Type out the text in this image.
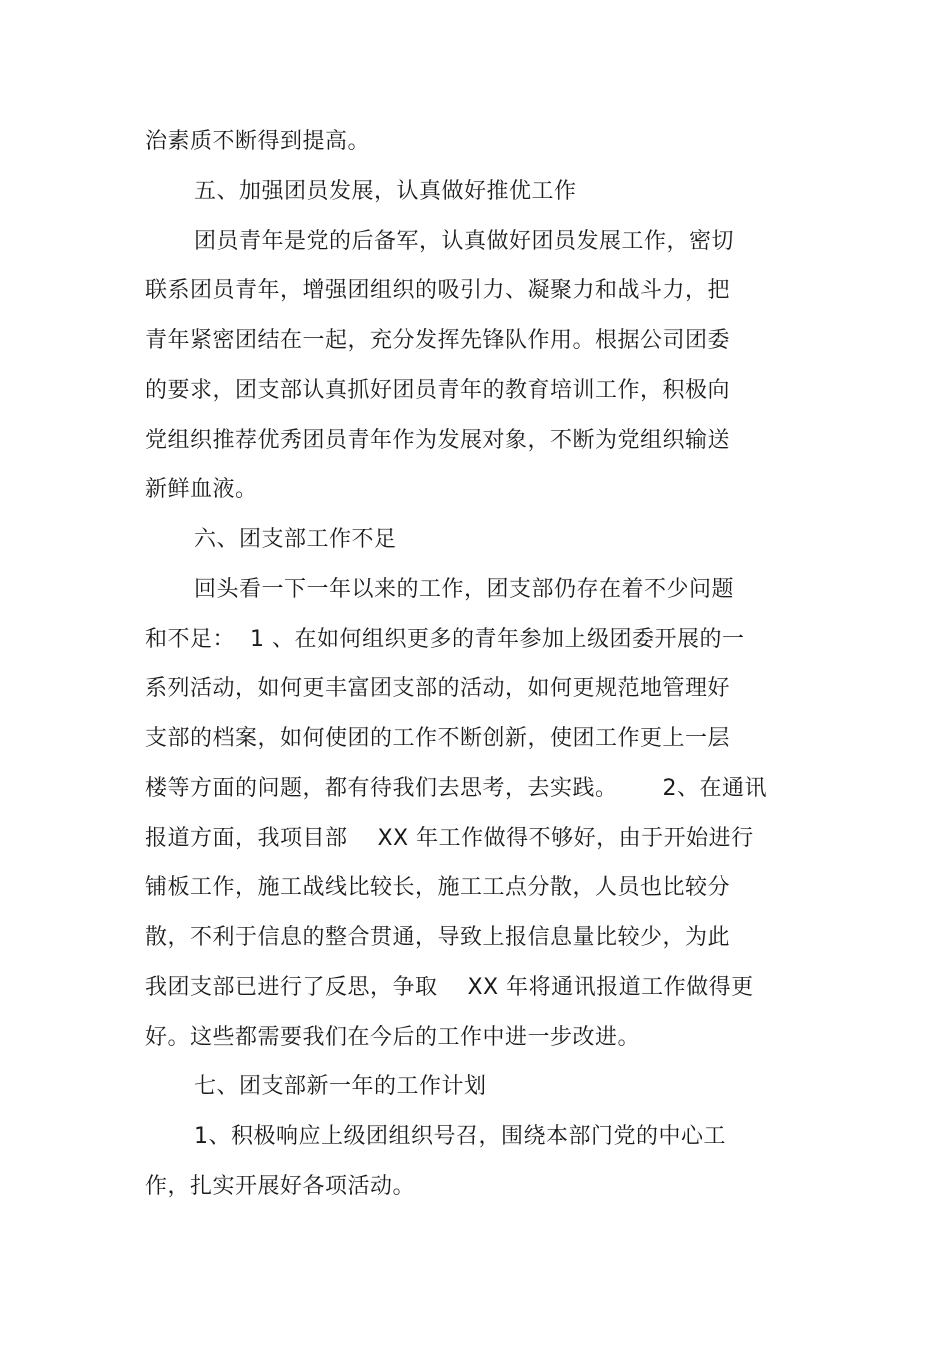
治素质不断得到提高。
五、加强团员发展，认真做好推优工作
团员青年是党的后备军，认真做好团员发展工作，密切
联系团员青年，增强团组织的吸引力、凝聚力和战斗力，把
青年紧密团结在一起，充分发挥先锋队作用。根据公司团委
的要求，团支部认真抓好团员青年的教育培训工作，积极向
党组织推荐优秀团员青年作为发展对象，不断为党组织输送
新鲜血液。
六、团支部工作不足
回头看一下一年以来的工作，团支部仍存在着不少问题
和不足：  1 、在如何组织更多的青年参加上级团委开展的一
系列活动，如何更丰富团支部的活动，如何更规范地管理好
支部的档案，如何使团的工作不断创新，使团工作更上一层
楼等方面的问题，都有待我们去思考，去实践。      2、在通讯
报道方面，我项目部    XX 年工作做得不够好，由于开始进行
铺板工作，施工战线比较长，施工工点分散，人员也比较分
散，不利于信息的整合贯通，导致上报信息量比较少，为此
我团支部已进行了反思，争取    XX 年将通讯报道工作做得更
好。这些都需要我们在今后的工作中进一步改进。
七、团支部新一年的工作计划
1、积极响应上级团组织号召，围绕本部门党的中心工
作，扎实开展好各项活动。
